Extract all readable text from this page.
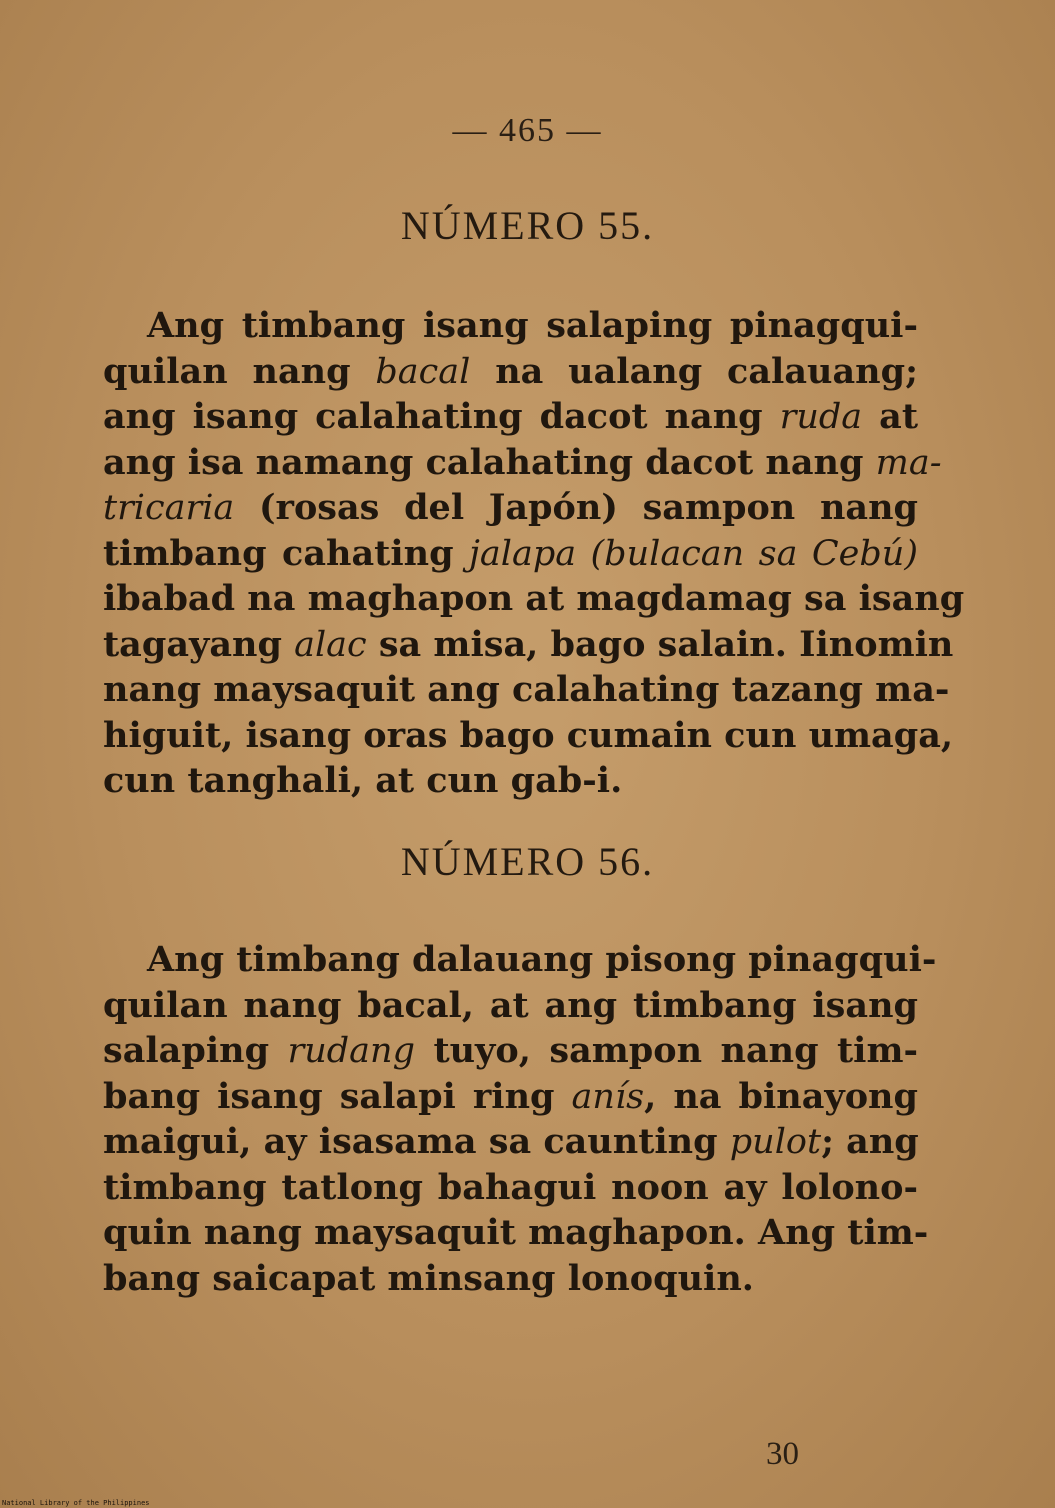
— 465 —
NÚMERO 55.
Ang timbang isang salaping pinagqui-
quilan nang bacal na ualang calauang;
ang isang calahating dacot nang ruda at
ang isa namang calahating dacot nang ma-
tricaria (rosas del Japón) sampon nang
timbang cahating jalapa (bulacan sa Cebú)
ibabad na maghapon at magdamag sa isang
tagayang alac sa misa, bago salain. Iinomin
nang maysaquit ang calahating tazang ma-
higuit, isang oras bago cumain cun umaga,
cun tanghali, at cun gab-i.
NÚMERO 56.
Ang timbang dalauang pisong pinagqui-
quilan nang bacal, at ang timbang isang
salaping rudang tuyo, sampon nang tim-
bang isang salapi ring anís, na binayong
maigui, ay isasama sa caunting pulot; ang
timbang tatlong bahagui noon ay lolono-
quin nang maysaquit maghapon. Ang tim-
bang saicapat minsang lonoquin.
30
National Library of the Philippines
